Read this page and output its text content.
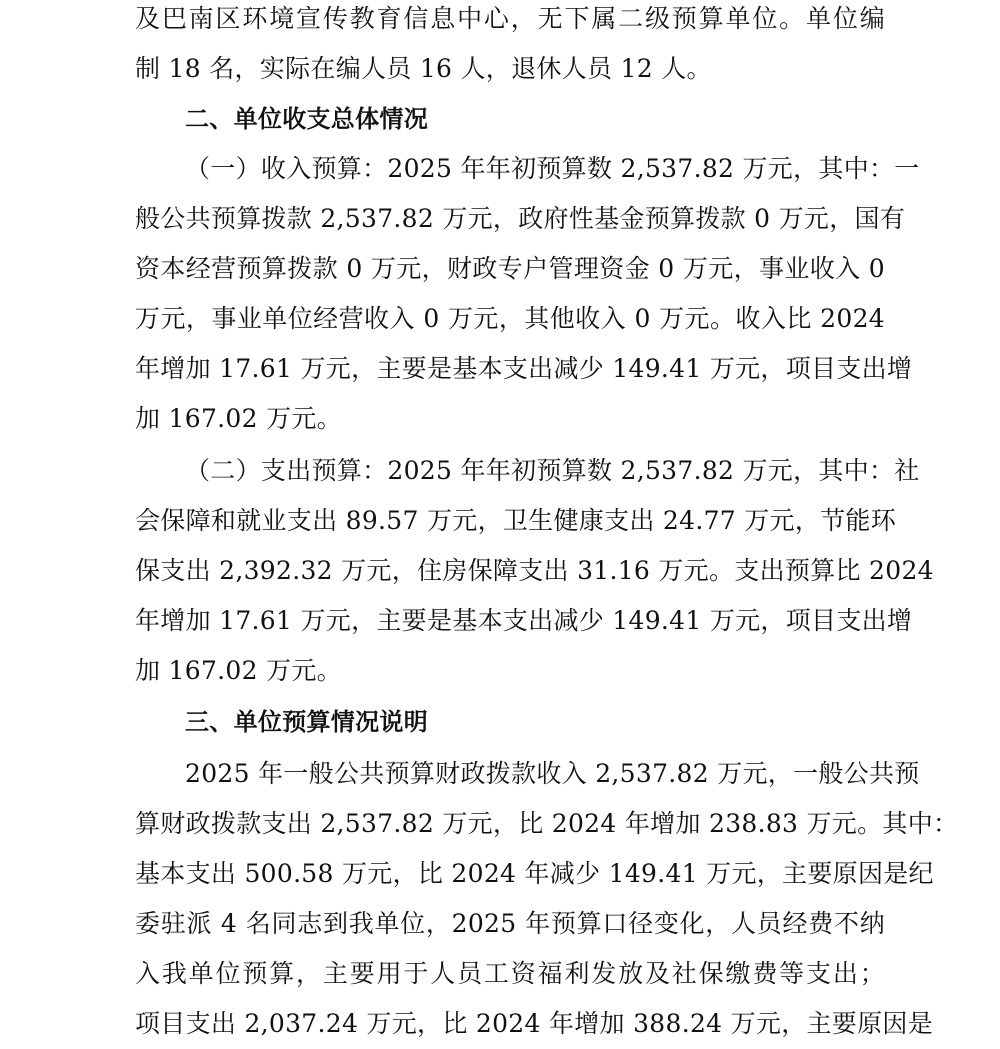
及巴南区环境宣传教育信息中心，无下属二级预算单位。单位编
制 18 名，实际在编人员 16 人，退休人员 12 人。
二、单位收支总体情况
（一）收入预算：2025 年年初预算数 2,537.82 万元，其中：一
般公共预算拨款 2,537.82 万元，政府性基金预算拨款 0 万元，国有
资本经营预算拨款 0 万元，财政专户管理资金 0 万元，事业收入 0
万元，事业单位经营收入 0 万元，其他收入 0 万元。收入比 2024
年增加 17.61 万元，主要是基本支出减少 149.41 万元，项目支出增
加 167.02 万元。
（二）支出预算：2025 年年初预算数 2,537.82 万元，其中：社
会保障和就业支出 89.57 万元，卫生健康支出 24.77 万元，节能环
保支出 2,392.32 万元，住房保障支出 31.16 万元。支出预算比 2024
年增加 17.61 万元，主要是基本支出减少 149.41 万元，项目支出增
加 167.02 万元。
三、单位预算情况说明
2025 年一般公共预算财政拨款收入 2,537.82 万元，一般公共预
算财政拨款支出 2,537.82 万元，比 2024 年增加 238.83 万元。其中：
基本支出 500.58 万元，比 2024 年减少 149.41 万元，主要原因是纪
委驻派 4 名同志到我单位，2025 年预算口径变化，人员经费不纳
入我单位预算，主要用于人员工资福利发放及社保缴费等支出；
项目支出 2,037.24 万元，比 2024 年增加 388.24 万元，主要原因是
